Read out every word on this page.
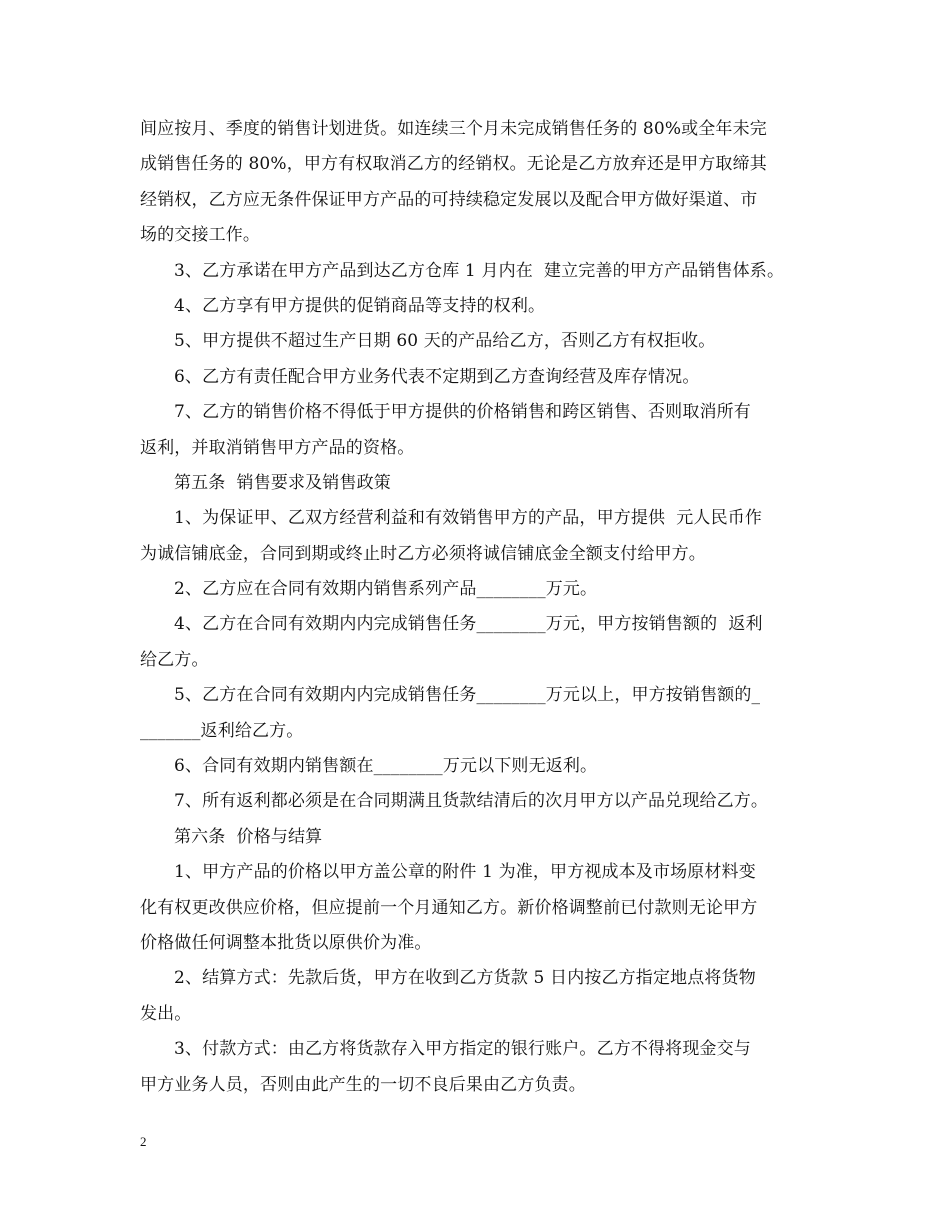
间应按月、季度的销售计划进货。如连续三个月未完成销售任务的 80%或全年未完
成销售任务的 80%，甲方有权取消乙方的经销权。无论是乙方放弃还是甲方取缔其
经销权，乙方应无条件保证甲方产品的可持续稳定发展以及配合甲方做好渠道、市
场的交接工作。
3、乙方承诺在甲方产品到达乙方仓库 1 月内在  建立完善的甲方产品销售体系。
4、乙方享有甲方提供的促销商品等支持的权利。
5、甲方提供不超过生产日期 60 天的产品给乙方，否则乙方有权拒收。
6、乙方有责任配合甲方业务代表不定期到乙方查询经营及库存情况。
7、乙方的销售价格不得低于甲方提供的价格销售和跨区销售、否则取消所有
返利，并取消销售甲方产品的资格。
第五条  销售要求及销售政策
1、为保证甲、乙双方经营利益和有效销售甲方的产品，甲方提供  元人民币作
为诚信铺底金，合同到期或终止时乙方必须将诚信铺底金全额支付给甲方。
2、乙方应在合同有效期内销售系列产品________万元。
4、乙方在合同有效期内内完成销售任务________万元，甲方按销售额的  返利
给乙方。
5、乙方在合同有效期内内完成销售任务________万元以上，甲方按销售额的_
_______返利给乙方。
6、合同有效期内销售额在________万元以下则无返利。
7、所有返利都必须是在合同期满且货款结清后的次月甲方以产品兑现给乙方。
第六条  价格与结算
1、甲方产品的价格以甲方盖公章的附件 1 为准，甲方视成本及市场原材料变
化有权更改供应价格，但应提前一个月通知乙方。新价格调整前已付款则无论甲方
价格做任何调整本批货以原供价为准。
2、结算方式：先款后货，甲方在收到乙方货款 5 日内按乙方指定地点将货物
发出。
3、付款方式：由乙方将货款存入甲方指定的银行账户。乙方不得将现金交与
甲方业务人员，否则由此产生的一切不良后果由乙方负责。
2
